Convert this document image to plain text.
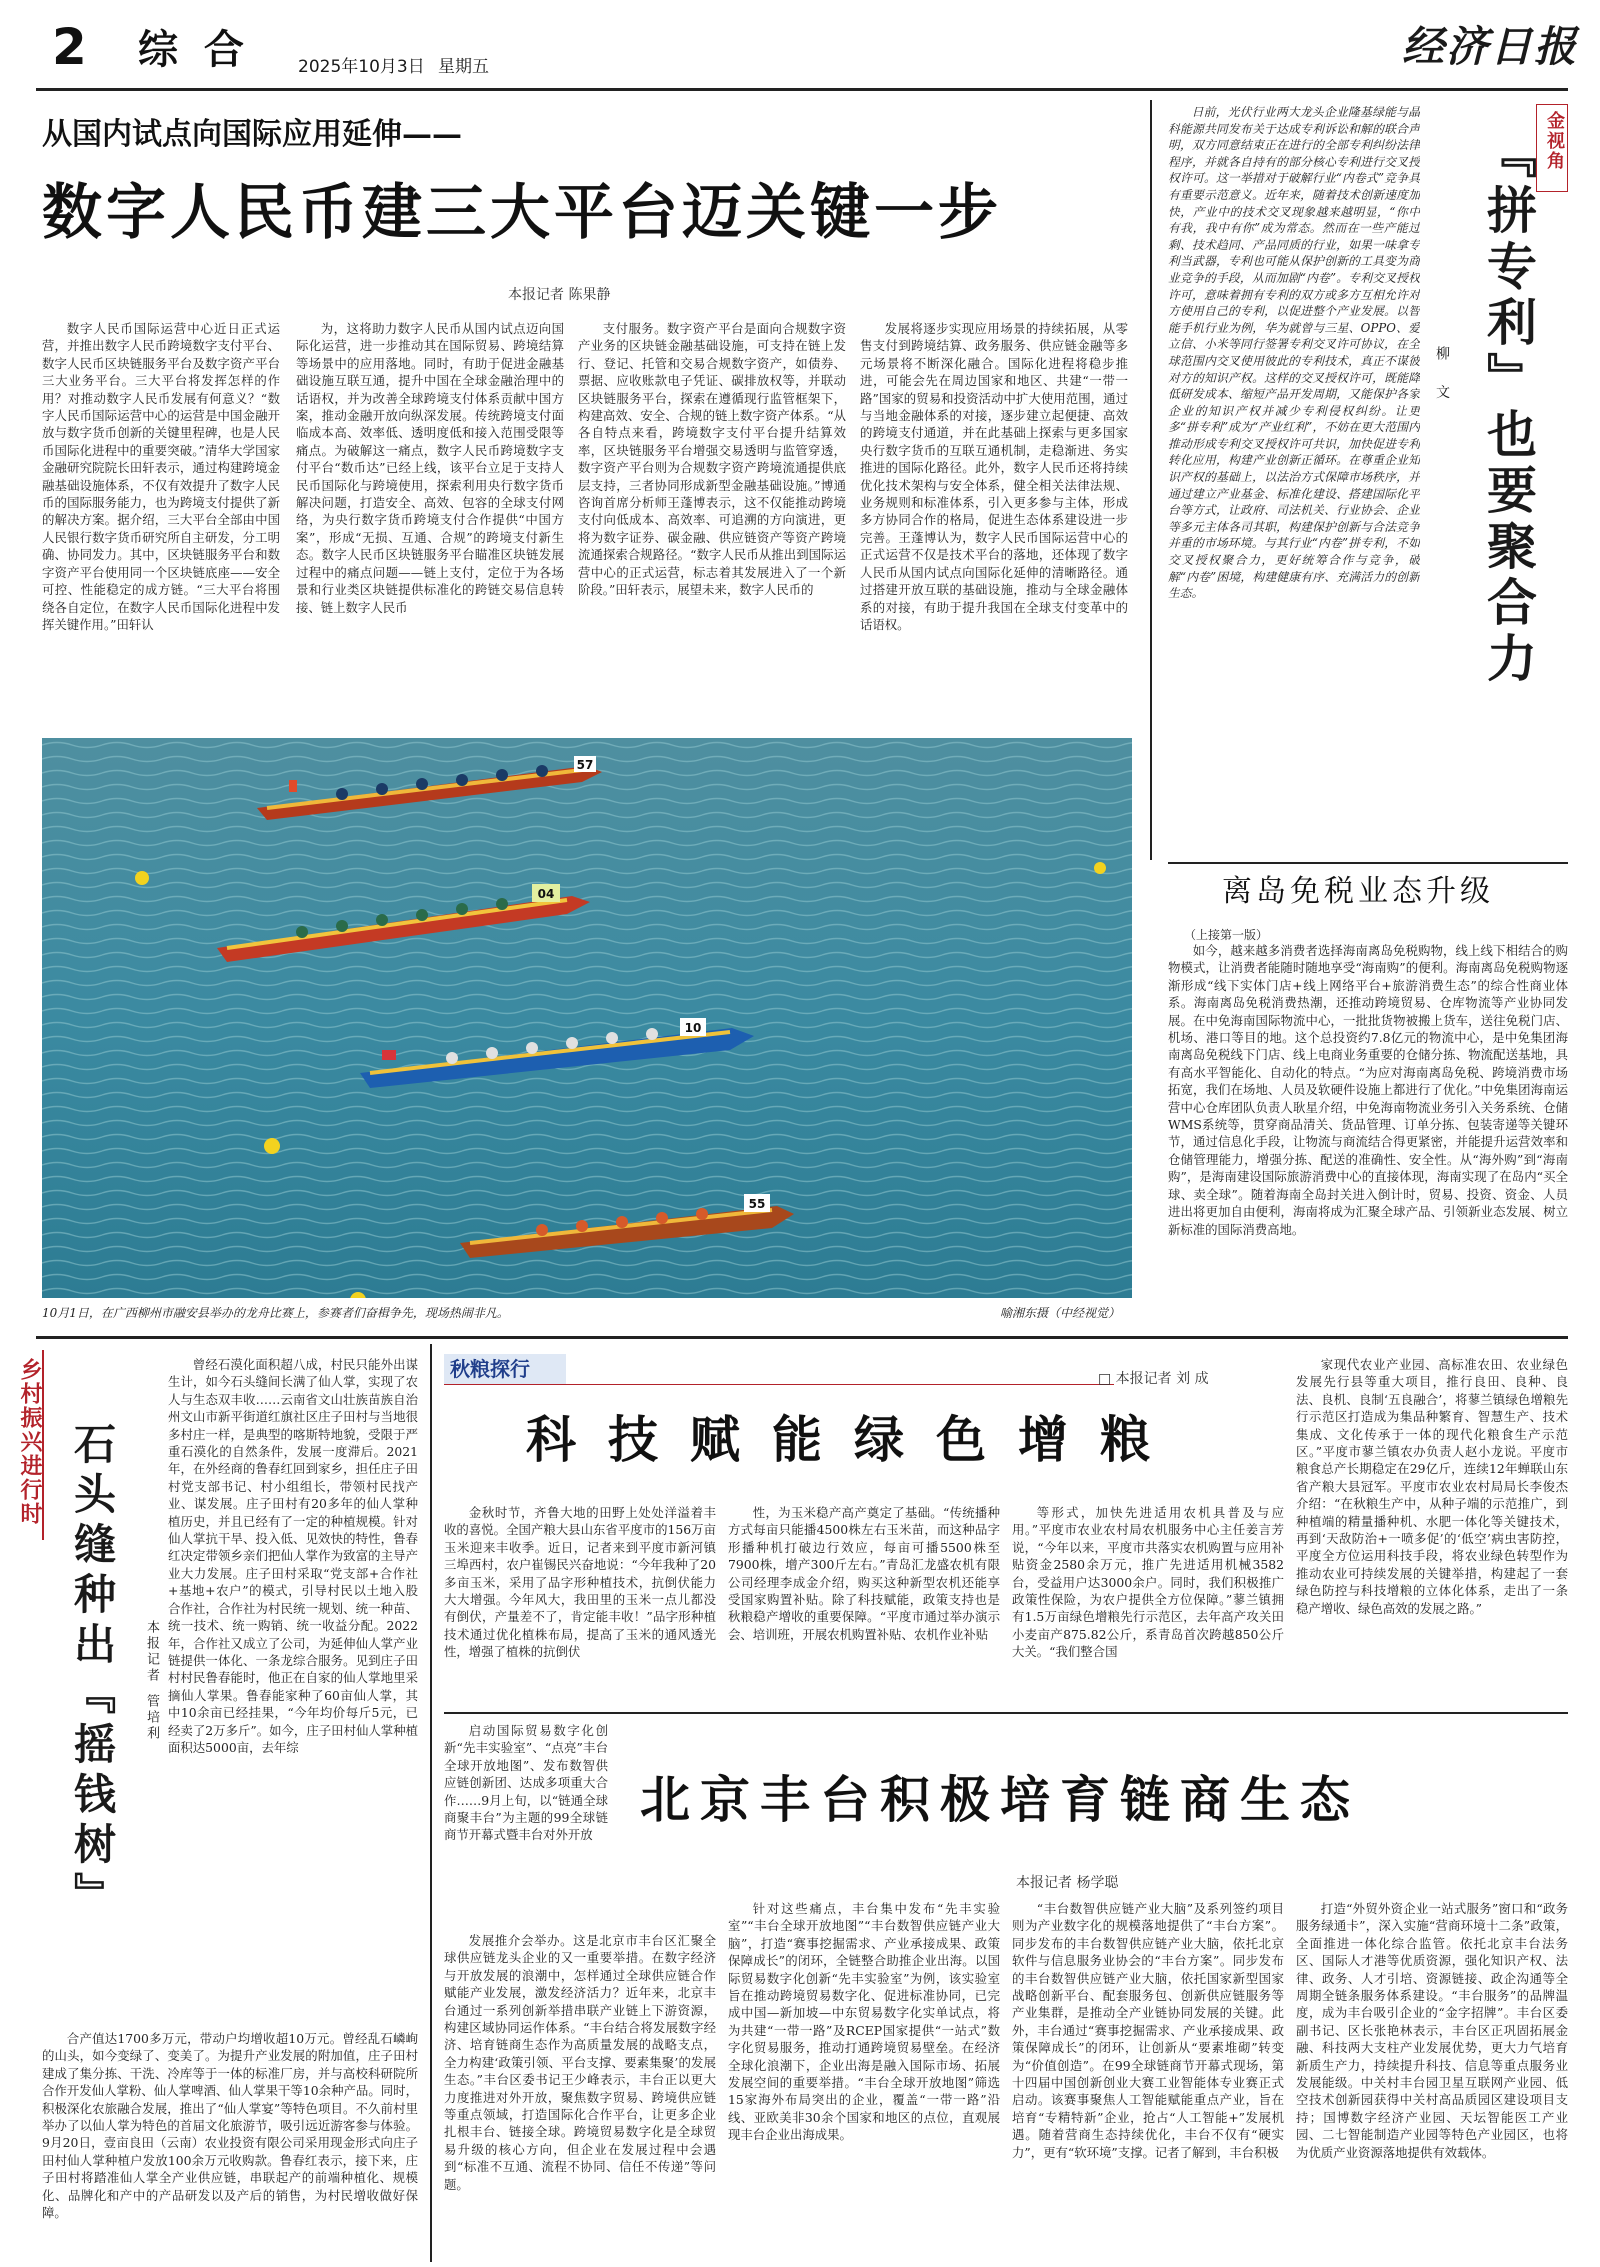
2 综 合	2025年10月3日 星期五	经济日报
从国内试点向国际应用延伸——
数字人民币建三大平台迈关键一步
本报记者 陈果静
数字人民币国际运营中心近日正式运营，并推出数字人民币跨境数字支付平台、数字人民币区块链服务平台及数字资产平台三大业务平台。三大平台将发挥怎样的作用？对推动数字人民币发展有何意义？“数字人民币国际运营中心的运营是中国金融开放与数字货币创新的关键里程碑，也是人民币国际化进程中的重要突破。”清华大学国家金融研究院院长田轩表示，通过构建跨境金融基础设施体系，不仅有效提升了数字人民币的国际服务能力，也为跨境支付提供了新的解决方案。据介绍，三大平台全部由中国人民银行数字货币研究所自主研发，分工明确、协同发力。其中，区块链服务平台和数字资产平台使用同一个区块链底座——安全可控、性能稳定的成方链。“三大平台将围绕各自定位，在数字人民币国际化进程中发挥关键作用。”田轩认
为，这将助力数字人民币从国内试点迈向国际化运营，进一步推动其在国际贸易、跨境结算等场景中的应用落地。同时，有助于促进金融基础设施互联互通，提升中国在全球金融治理中的话语权，并为改善全球跨境支付体系贡献中国方案，推动金融开放向纵深发展。传统跨境支付面临成本高、效率低、透明度低和接入范围受限等痛点。为破解这一痛点，数字人民币跨境数字支付平台“数币达”已经上线，该平台立足于支持人民币国际化与跨境使用，探索利用央行数字货币解决问题，打造安全、高效、包容的全球支付网络，为央行数字货币跨境支付合作提供“中国方案”，形成“无损、互通、合规”的跨境支付新生态。数字人民币区块链服务平台瞄准区块链发展过程中的痛点问题——链上支付，定位于为各场景和行业类区块链提供标准化的跨链交易信息转接、链上数字人民币
支付服务。数字资产平台是面向合规数字资产业务的区块链金融基础设施，可支持在链上发行、登记、托管和交易合规数字资产，如债券、票据、应收账款电子凭证、碳排放权等，并联动区块链服务平台，探索在遵循现行监管框架下，构建高效、安全、合规的链上数字资产体系。“从各自特点来看，跨境数字支付平台提升结算效率，区块链服务平台增强交易透明与监管穿透，数字资产平台则为合规数字资产跨境流通提供底层支持，三者协同形成新型金融基础设施。”博通咨询首席分析师王蓬博表示，这不仅能推动跨境支付向低成本、高效率、可追溯的方向演进，更将为数字证券、碳金融、供应链资产等资产跨境流通探索合规路径。“数字人民币从推出到国际运营中心的正式运营，标志着其发展进入了一个新阶段。”田轩表示，展望未来，数字人民币的
发展将逐步实现应用场景的持续拓展，从零售支付到跨境结算、政务服务、供应链金融等多元场景将不断深化融合。国际化进程将稳步推进，可能会先在周边国家和地区、共建“一带一路”国家的贸易和投资活动中扩大使用范围，通过与当地金融体系的对接，逐步建立起便捷、高效的跨境支付通道，并在此基础上探索与更多国家央行数字货币的互联互通机制，走稳渐进、务实推进的国际化路径。此外，数字人民币还将持续优化技术架构与安全体系，健全相关法律法规、业务规则和标准体系，引入更多参与主体，形成多方协同合作的格局，促进生态体系建设进一步完善。王蓬博认为，数字人民币国际运营中心的正式运营不仅是技术平台的落地，还体现了数字人民币从国内试点向国际化延伸的清晰路径。通过搭建开放互联的基础设施，推动与全球金融体系的对接，有助于提升我国在全球支付变革中的话语权。
日前，光伏行业两大龙头企业隆基绿能与晶科能源共同发布关于达成专利诉讼和解的联合声明，双方同意结束正在进行的全部专利纠纷法律程序，并就各自持有的部分核心专利进行交叉授权许可。这一举措对于破解行业“内卷式”竞争具有重要示范意义。近年来，随着技术创新速度加快，产业中的技术交叉现象越来越明显，“你中有我，我中有你”成为常态。然而在一些产能过剩、技术趋同、产品同质的行业，如果一味拿专利当武器，专利也可能从保护创新的工具变为商业竞争的手段，从而加剧“内卷”。专利交叉授权许可，意味着拥有专利的双方或多方互相允许对方使用自己的专利，以促进整个产业发展。以智能手机行业为例，华为就曾与三星、OPPO、爱立信、小米等同行签署专利交叉许可协议，在全球范围内交叉使用彼此的专利技术，真正不谋彼对方的知识产权。这样的交叉授权许可，既能降低研发成本、缩短产品开发周期，又能保护各家企业的知识产权并减少专利侵权纠纷。让更多“拼专利”成为“产业红利”，不妨在更大范围内推动形成专利交叉授权许可共识，加快促进专利转化应用，构建产业创新正循环。在尊重企业知识产权的基础上，以法治方式保障市场秩序，并通过建立产业基金、标准化建设、搭建国际化平台等方式，让政府、司法机关、行业协会、企业等多元主体各司其职，构建保护创新与合法竞争并重的市场环境。与其行业“内卷”拼专利，不如交叉授权聚合力，更好统筹合作与竞争，破解“内卷”困境，构建健康有序、充满活力的创新生态。
金视角
『拼专利』也要聚合力
柳 文
57
04
10
55
10月1日，在广西柳州市融安县举办的龙舟比赛上，参赛者们奋楫争先，现场热闹非凡。	喻湘东摄（中经视觉）
离岛免税业态升级
（上接第一版）
如今，越来越多消费者选择海南离岛免税购物，线上线下相结合的购物模式，让消费者能随时随地享受“海南购”的便利。海南离岛免税购物逐渐形成“线下实体门店+线上网络平台+旅游消费生态”的综合性商业体系。海南离岛免税消费热潮，还推动跨境贸易、仓库物流等产业协同发展。在中免海南国际物流中心，一批批货物被搬上货车，送往免税门店、机场、港口等目的地。这个总投资约7.8亿元的物流中心，是中免集团海南离岛免税线下门店、线上电商业务重要的仓储分拣、物流配送基地，具有高水平智能化、自动化的特点。“为应对海南离岛免税、跨境消费市场拓宽，我们在场地、人员及软硬件设施上都进行了优化。”中免集团海南运营中心仓库团队负责人耿星介绍，中免海南物流业务引入关务系统、仓储WMS系统等，贯穿商品清关、货品管理、订单分拣、包装寄递等关键环节，通过信息化手段，让物流与商流结合得更紧密，并能提升运营效率和仓储管理能力，增强分拣、配送的准确性、安全性。从“海外购”到“海南购”，是海南建设国际旅游消费中心的直接体现，海南实现了在岛内“买全球、卖全球”。随着海南全岛封关进入倒计时，贸易、投资、资金、人员进出将更加自由便利，海南将成为汇聚全球产品、引领新业态发展、树立新标准的国际消费高地。
乡村振兴进行时 石头缝种出『摇钱树』 本报记者
管培利
曾经石漠化面积超八成，村民只能外出谋生计，如今石头缝间长满了仙人掌，实现了农人与生态双丰收……云南省文山壮族苗族自治州文山市新平街道红旗社区庄子田村与当地很多村庄一样，是典型的喀斯特地貌，受限于严重石漠化的自然条件，发展一度滞后。2021年，在外经商的鲁春红回到家乡，担任庄子田村党支部书记、村小组组长，带领村民找产业、谋发展。庄子田村有20多年的仙人掌种植历史，并且已经有了一定的种植规模。针对仙人掌抗干旱、投入低、见效快的特性，鲁春红决定带领乡亲们把仙人掌作为致富的主导产业大力发展。庄子田村采取“党支部+合作社+基地+农户”的模式，引导村民以土地入股合作社，合作社为村民统一规划、统一种苗、统一技术、统一购销、统一收益分配。2022年，合作社又成立了公司，为延伸仙人掌产业链提供一体化、一条龙综合服务。见到庄子田村村民鲁春能时，他正在自家的仙人掌地里采摘仙人掌果。鲁春能家种了60亩仙人掌，其中10余亩已经挂果，“今年均价每斤5元，已经卖了2万多斤”。如今，庄子田村仙人掌种植面积达5000亩，去年综
合产值达1700多万元，带动户均增收超10万元。曾经乱石嶙峋的山头，如今变绿了、变美了。为提升产业发展的附加值，庄子田村建成了集分拣、干洗、冷库等于一体的标准厂房，并与高校科研院所合作开发仙人掌粉、仙人掌啤酒、仙人掌果干等10余种产品。同时，积极深化农旅融合发展，推出了“仙人掌宴”等特色项目。不久前村里举办了以仙人掌为特色的首届文化旅游节，吸引远近游客参与体验。9月20日，壹亩良田（云南）农业投资有限公司采用现金形式向庄子田村仙人掌种植户发放100余万元收购款。鲁春红表示，接下来，庄子田村将踏准仙人掌全产业供应链，串联起产的前端种植化、规模化、品牌化和产中的产品研发以及产后的销售，为村民增收做好保障。
秋粮探行	□ 本报记者 刘 成
科技赋能绿色增粮
金秋时节，齐鲁大地的田野上处处洋溢着丰收的喜悦。全国产粮大县山东省平度市的156万亩玉米迎来丰收季。近日，记者来到平度市新河镇三埠西村，农户崔锡民兴奋地说：“今年我种了20多亩玉米，采用了品字形种植技术，抗倒伏能力大大增强。今年风大，我田里的玉米一点儿都没有倒伏，产量差不了，肯定能丰收！”品字形种植技术通过优化植株布局，提高了玉米的通风透光性，增强了植株的抗倒伏
性，为玉米稳产高产奠定了基础。“传统播种方式每亩只能播4500株左右玉米苗，而这种品字形播种机打破边行效应，每亩可播5500株至7900株，增产300斤左右。”青岛汇龙盛农机有限公司经理李成金介绍，购买这种新型农机还能享受国家购置补贴。除了科技赋能，政策支持也是秋粮稳产增收的重要保障。“平度市通过举办演示会、培训班，开展农机购置补贴、农机作业补贴
等形式，加快先进适用农机具普及与应用。”平度市农业农村局农机服务中心主任姜言芳说，“今年以来，平度市共落实农机购置与应用补贴资金2580余万元，推广先进适用机械3582台，受益用户达3000余户。同时，我们积极推广政策性保险，为农户提供全方位保障。”蓼兰镇拥有1.5万亩绿色增粮先行示范区，去年高产攻关田小麦亩产875.82公斤，系青岛首次跨越850公斤大关。“我们整合国
家现代农业产业园、高标准农田、农业绿色发展先行县等重大项目，推行良田、良种、良法、良机、良制‘五良融合’，将蓼兰镇绿色增粮先行示范区打造成为集品种繁育、智慧生产、技术集成、文化传承于一体的现代化粮食生产示范区。”平度市蓼兰镇农办负责人赵小龙说。平度市粮食总产长期稳定在29亿斤，连续12年蝉联山东省产粮大县冠军。平度市农业农村局局长李俊杰介绍：“在秋粮生产中，从种子端的示范推广，到种植端的精量播种机、水肥一体化等关键技术，再到‘天敌防治+一喷多促’的‘低空’病虫害防控，平度全方位运用科技手段，将农业绿色转型作为推动农业可持续发展的关键举措，构建起了一套绿色防控与科技增粮的立体化体系，走出了一条稳产增收、绿色高效的发展之路。”
启动国际贸易数字化创新“先丰实验室”、“点亮”丰台全球开放地图”、发布数智供应链创新团、达成多项重大合作……9月上旬，以“链通全球 商聚丰台”为主题的99全球链商节开幕式暨丰台对外开放
北京丰台积极培育链商生态
本报记者 杨学聪
发展推介会举办。这是北京市丰台区汇聚全球供应链龙头企业的又一重要举措。在数字经济与开放发展的浪潮中，怎样通过全球供应链合作赋能产业发展，激发经济活力？近年来，北京丰台通过一系列创新举措串联产业链上下游资源，构建区域协同运作体系。“丰台结合将发展数字经济、培育链商生态作为高质量发展的战略支点，全力构建‘政策引领、平台支撑、要素集聚’的发展生态。”丰台区委书记王少峰表示，丰台正以更大力度推进对外开放，聚焦数字贸易、跨境供应链等重点领域，打造国际化合作平台，让更多企业扎根丰台、链接全球。跨境贸易数字化是全球贸易升级的核心方向，但企业在发展过程中会遇到“标准不互通、流程不协同、信任不传递”等问题。
针对这些痛点，丰台集中发布“先丰实验室”“丰台全球开放地图”“丰台数智供应链产业大脑”，打造“赛事挖掘需求、产业承接成果、政策保障成长”的闭环，全链整合助推企业出海。以国际贸易数字化创新“先丰实验室”为例，该实验室旨在推动跨境贸易数字化、促进标准协同，已完成中国—新加坡—中东贸易数字化实单试点，将为共建“一带一路”及RCEP国家提供“一站式”数字化贸易服务，推动打通跨境贸易壁垒。在经济全球化浪潮下，企业出海是融入国际市场、拓展发展空间的重要举措。“丰台全球开放地图”筛选15家海外布局突出的企业，覆盖“一带一路”沿线、亚欧美非30余个国家和地区的点位，直观展现丰台企业出海成果。
“丰台数智供应链产业大脑”及系列签约项目则为产业数字化的规模落地提供了“丰台方案”。同步发布的丰台数智供应链产业大脑，依托北京软件与信息服务业协会的“丰台方案”。同步发布的丰台数智供应链产业大脑，依托国家新型国家战略创新平台、配套服务包、创新供应链服务等产业集群，是推动全产业链协同发展的关键。此外，丰台通过“赛事挖掘需求、产业承接成果、政策保障成长”的闭环，让创新从“要素堆砌”转变为“价值创造”。在99全球链商节开幕式现场，第十四届中国创新创业大赛工业智能体专业赛正式启动。该赛事聚焦人工智能赋能重点产业，旨在培育“专精特新”企业，抢占“人工智能+”发展机遇。随着营商生态持续优化，丰台不仅有“硬实力”，更有“软环境”支撑。记者了解到，丰台积极
打造“外贸外资企业一站式服务”窗口和“政务服务绿通卡”，深入实施“营商环境十二条”政策，全面推进一体化综合监管。依托北京丰台法务区、国际人才港等优质资源，强化知识产权、法律、政务、人才引培、资源链接、政企沟通等全周期全链条服务体系建设。“丰台服务”的品牌温度，成为丰台吸引企业的“金字招牌”。丰台区委副书记、区长张艳林表示，丰台区正巩固拓展金融、科技两大支柱产业发展优势，更大力气培育新质生产力，持续提升科技、信息等重点服务业发展能级。中关村丰台园卫星互联网产业园、低空技术创新园获得中关村高品质园区建设项目支持；国博数字经济产业园、天坛智能医工产业园、二七智能制造产业园等特色产业园区，也将为优质产业资源落地提供有效载体。
